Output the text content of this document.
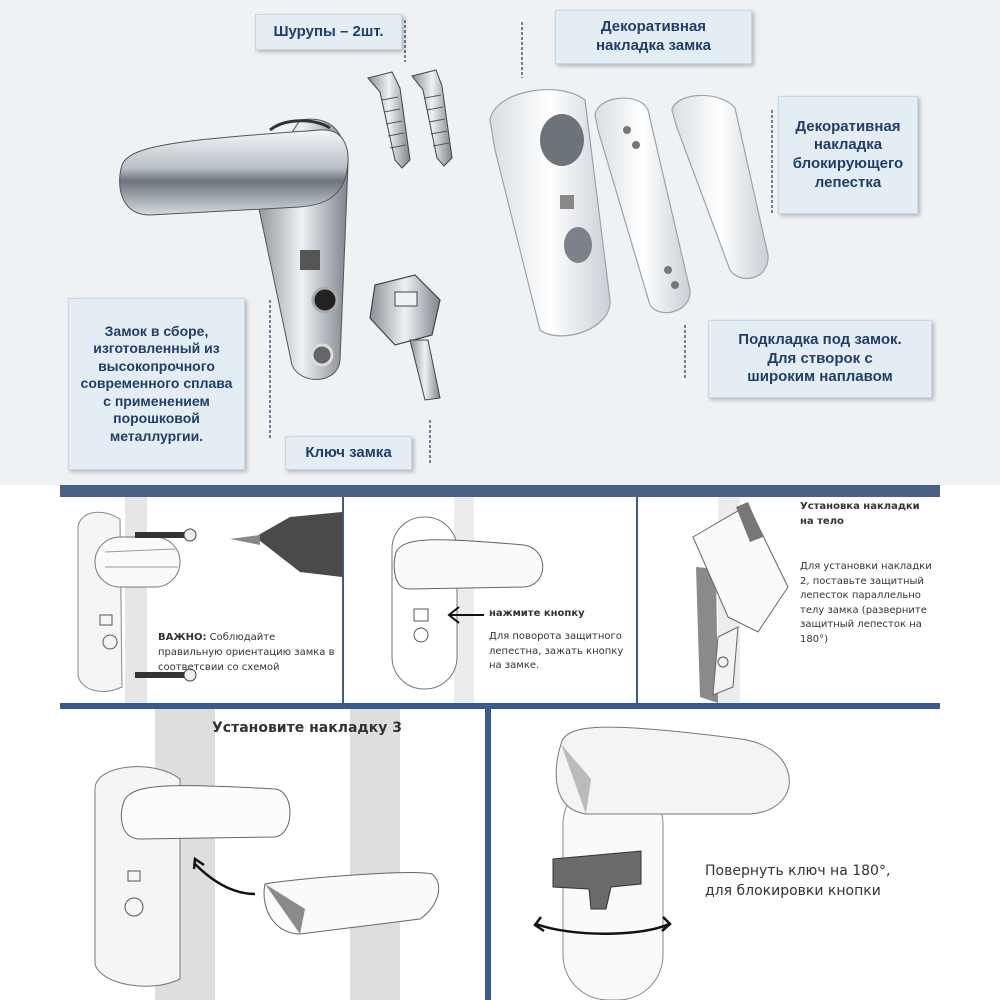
Шурупы – 2шт.	Декоративная
накладка замка
Декоративная
накладка
блокирующего
лепестка
Замок в сборе,
изготовленный из
высокопрочного
современного сплава
с применением
порошковой
металлургии.
Ключ замка
Подкладка под замок.
Для створок с
широким наплавом

ВАЖНО: Соблюдайте правильную ориентацию замка в соответсвии со схемой

нажмите кнопку
Для поворота защитного
лепестна, зажать кнопку
на замке.
Установка накладки
на тело
Для установки накладки
2, поставьте защитный
лепесток параллельно
телу замка (разверните
защитный лепесток на
180°)
Установите накладку 3
Повернуть ключ на 180°,
для блокировки кнопки
